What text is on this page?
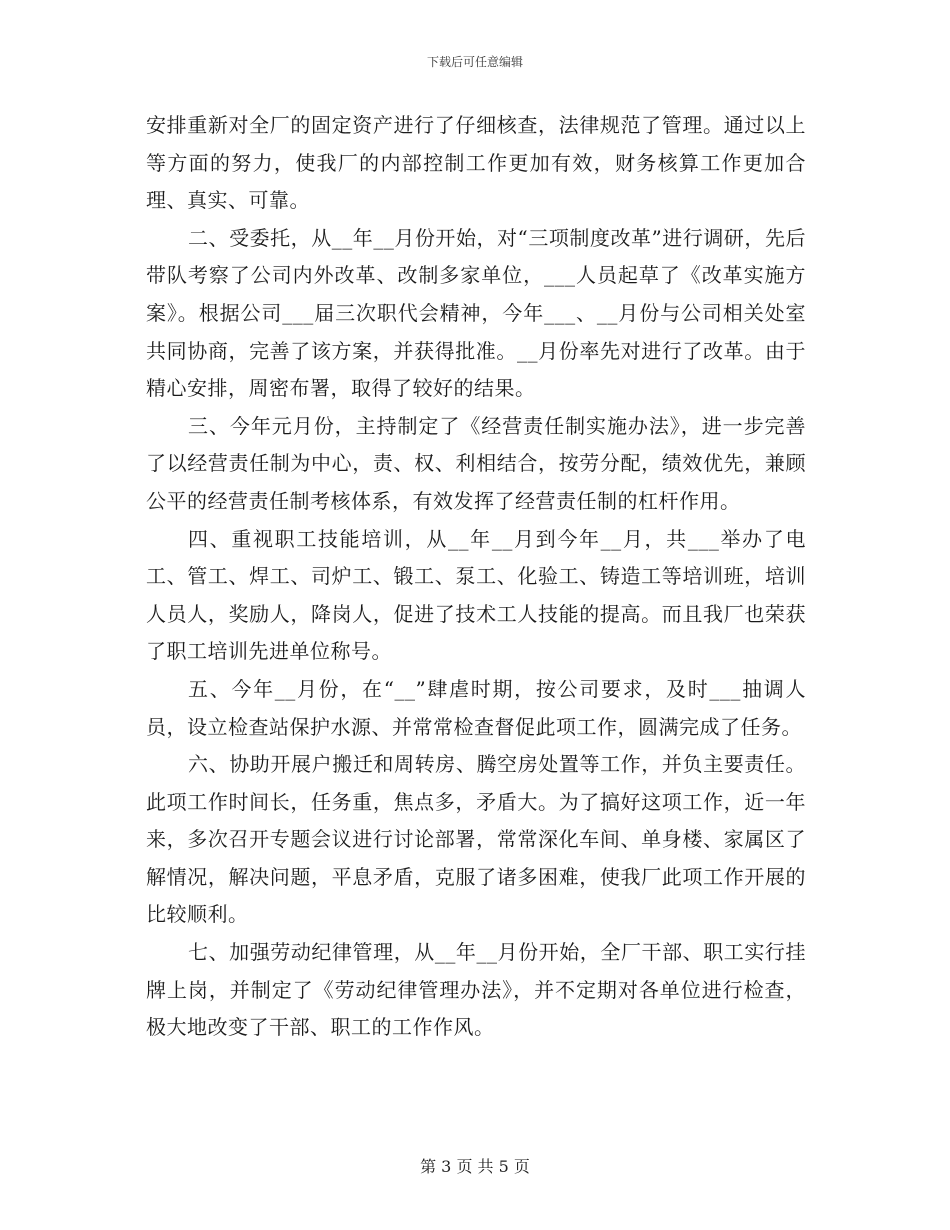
下载后可任意编辑

安排重新对全厂的固定资产进行了仔细核查，法律规范了管理。通过以上等方面的努力，使我厂的内部控制工作更加有效，财务核算工作更加合理、真实、可靠。

二、受委托，从__年__月份开始，对“三项制度改革”进行调研，先后带队考察了公司内外改革、改制多家单位，___人员起草了《改革实施方案》。根据公司___届三次职代会精神，今年___、__月份与公司相关处室共同协商，完善了该方案，并获得批准。__月份率先对进行了改革。由于精心安排，周密布署，取得了较好的结果。

三、今年元月份，主持制定了《经营责任制实施办法》，进一步完善了以经营责任制为中心，责、权、利相结合，按劳分配，绩效优先，兼顾公平的经营责任制考核体系，有效发挥了经营责任制的杠杆作用。

四、重视职工技能培训，从__年__月到今年__月，共___举办了电工、管工、焊工、司炉工、锻工、泵工、化验工、铸造工等培训班，培训人员人，奖励人，降岗人，促进了技术工人技能的提高。而且我厂也荣获了职工培训先进单位称号。

五、今年__月份，在“__”肆虐时期，按公司要求，及时___抽调人员，设立检查站保护水源、并常常检查督促此项工作，圆满完成了任务。

六、协助开展户搬迁和周转房、腾空房处置等工作，并负主要责任。此项工作时间长，任务重，焦点多，矛盾大。为了搞好这项工作，近一年来，多次召开专题会议进行讨论部署，常常深化车间、单身楼、家属区了解情况，解决问题，平息矛盾，克服了诸多困难，使我厂此项工作开展的比较顺利。

七、加强劳动纪律管理，从__年__月份开始，全厂干部、职工实行挂牌上岗，并制定了《劳动纪律管理办法》，并不定期对各单位进行检查，极大地改变了干部、职工的工作作风。

第 3 页 共 5 页
